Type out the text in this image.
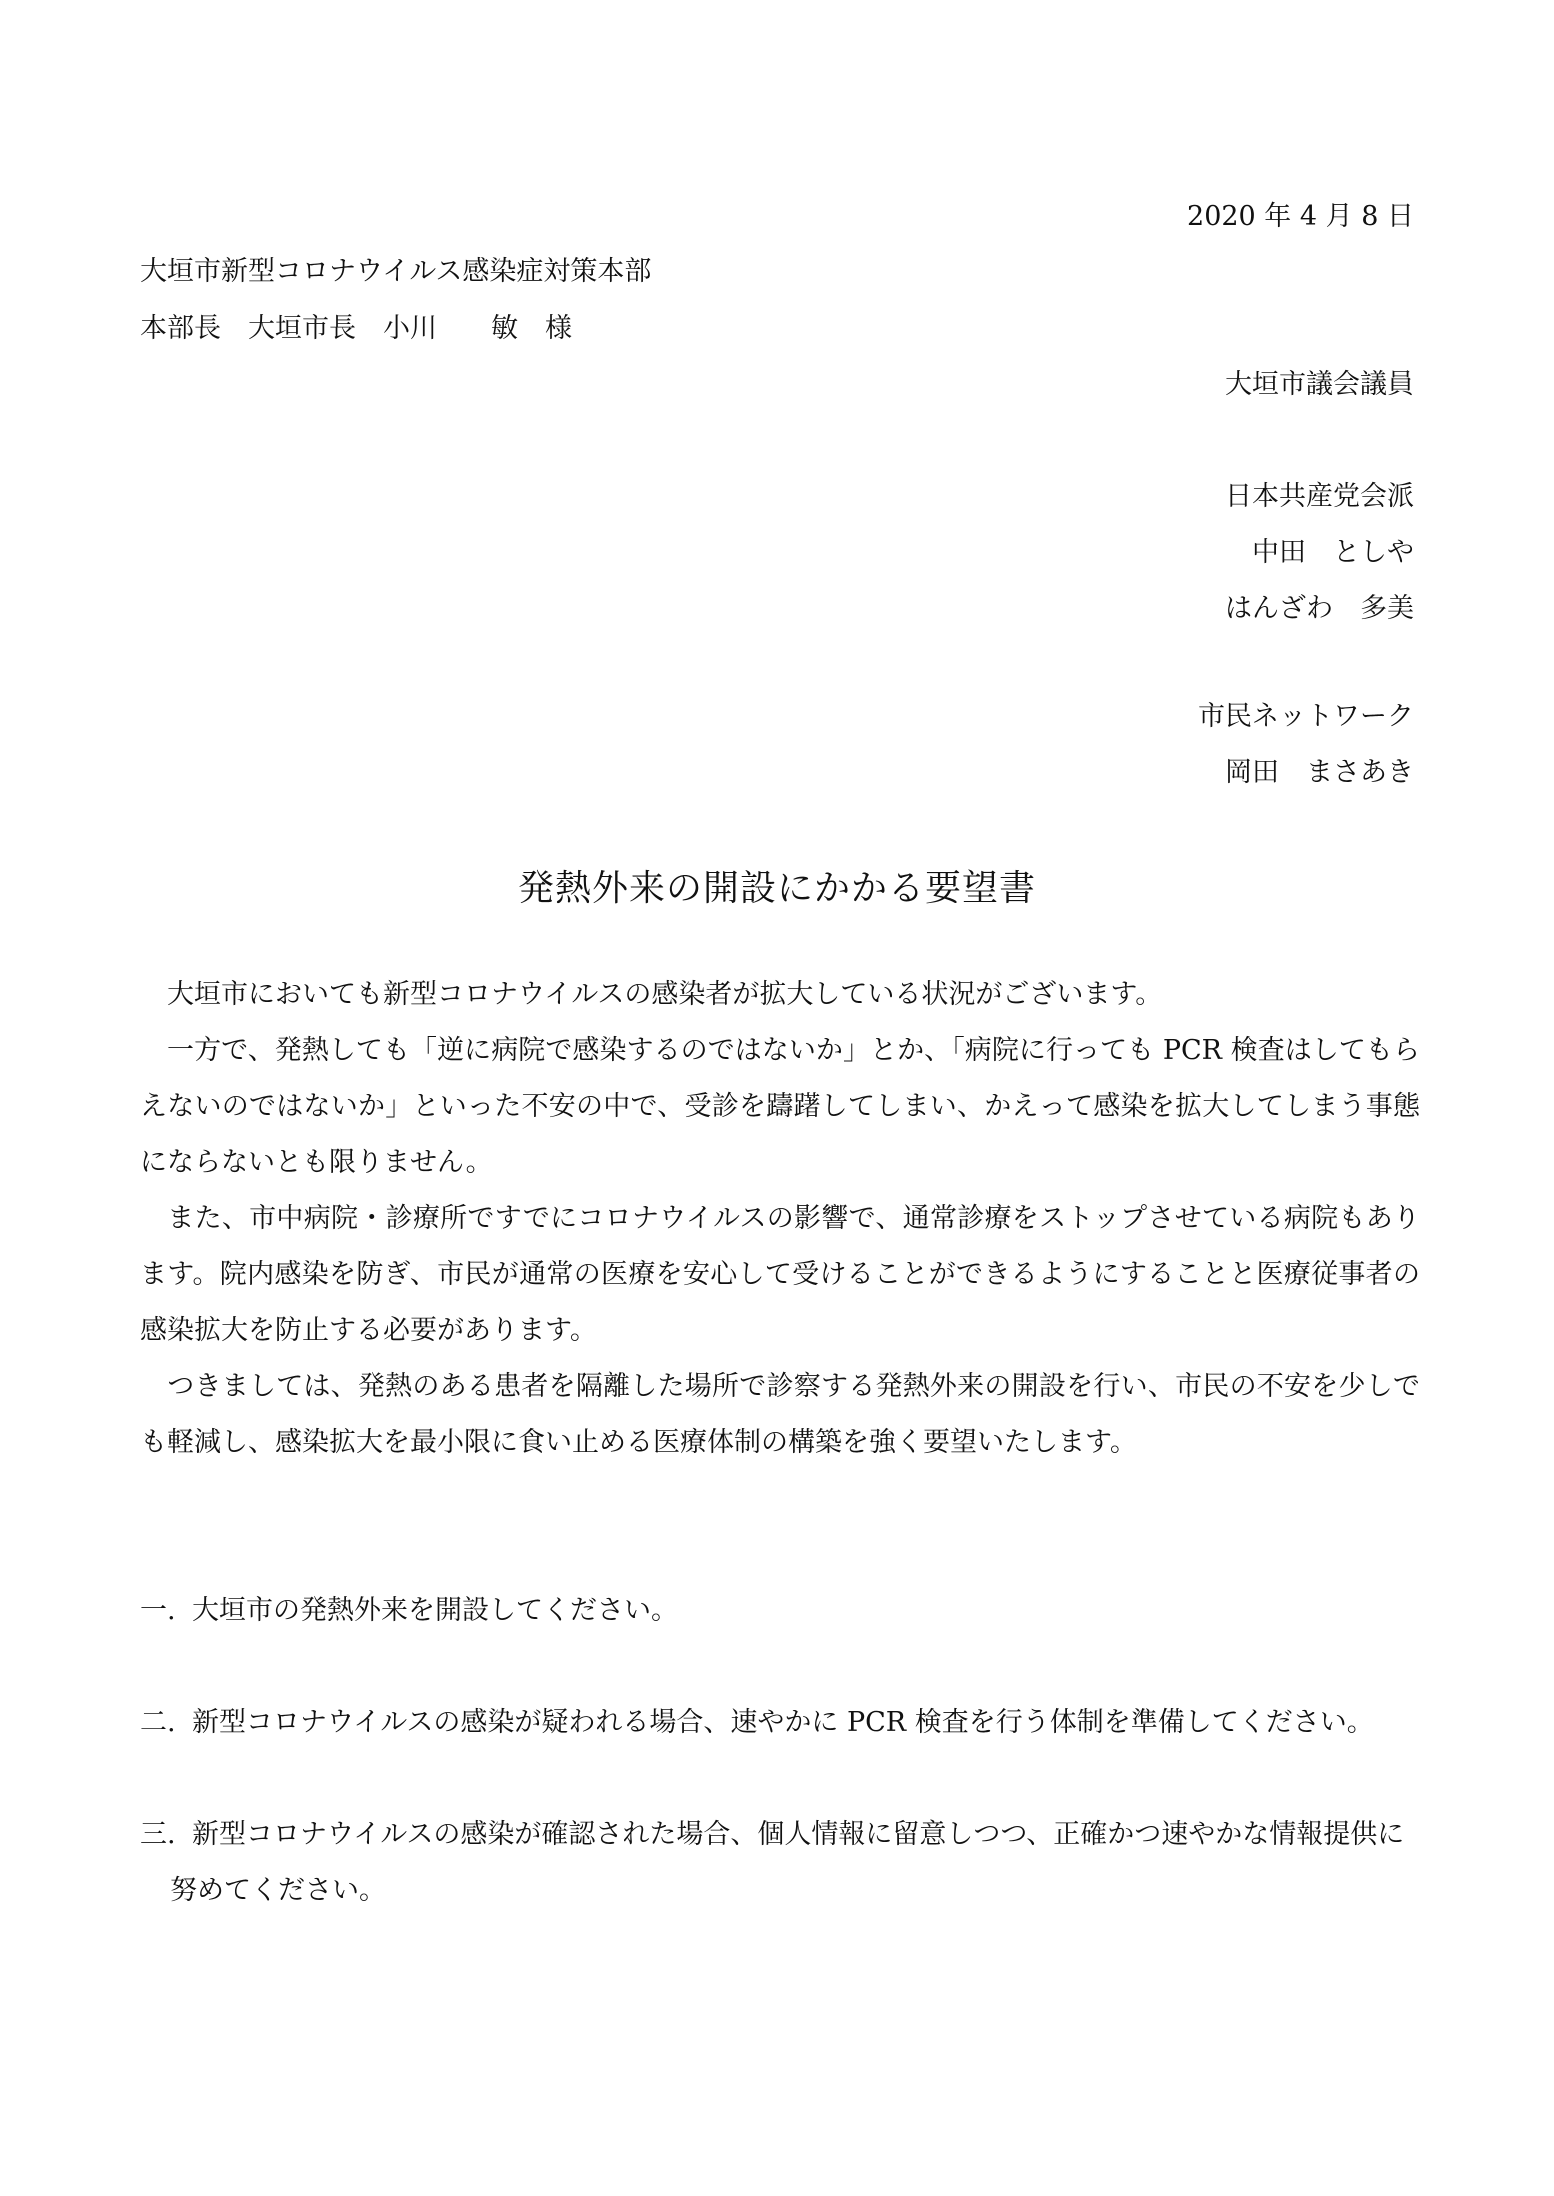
2020 年 4 月 8 日
大垣市新型コロナウイルス感染症対策本部
本部長　大垣市長　小川　　敏　様
大垣市議会議員
日本共産党会派
中田　としや
はんざわ　多美
市民ネットワーク
岡田　まさあき
発熱外来の開設にかかる要望書
　大垣市においても新型コロナウイルスの感染者が拡大している状況がございます。
　一方で、発熱しても「逆に病院で感染するのではないか」とか、「病院に行っても PCR 検査はしてもらえないのではないか」といった不安の中で、受診を躊躇してしまい、かえって感染を拡大してしまう事態にならないとも限りません。
　また、市中病院・診療所ですでにコロナウイルスの影響で、通常診療をストップさせている病院もあります。院内感染を防ぎ、市民が通常の医療を安心して受けることができるようにすることと医療従事者の感染拡大を防止する必要があります。
　つきましては、発熱のある患者を隔離した場所で診察する発熱外来の開設を行い、市民の不安を少しでも軽減し、感染拡大を最小限に食い止める医療体制の構築を強く要望いたします。
一. 大垣市の発熱外来を開設してください。
二. 新型コロナウイルスの感染が疑われる場合、速やかに PCR 検査を行う体制を準備してください。
三. 新型コロナウイルスの感染が確認された場合、個人情報に留意しつつ、正確かつ速やかな情報提供に
努めてください。
